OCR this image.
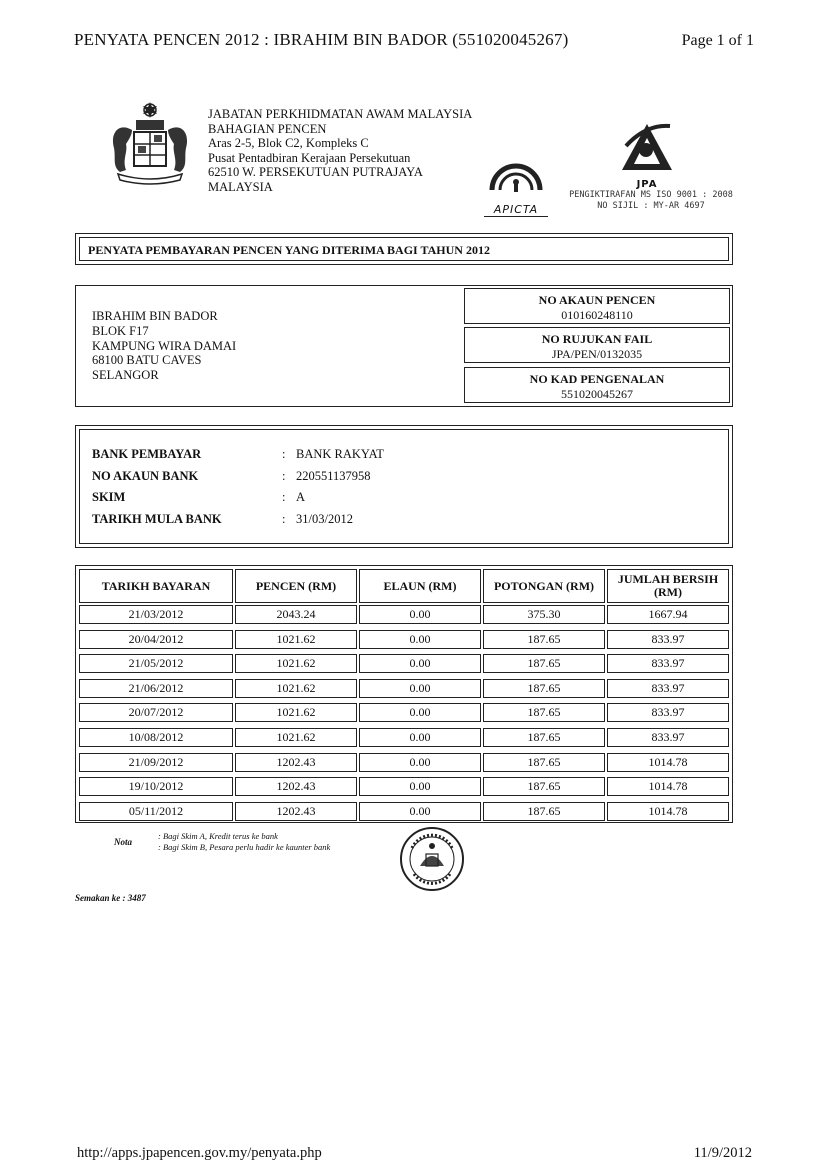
PENYATA PENCEN 2012 : IBRAHIM BIN BADOR (551020045267)	Page 1 of 1
JABATAN PERKHIDMATAN AWAM MALAYSIA
BAHAGIAN PENCEN
Aras 2-5, Blok C2, Kompleks C
Pusat Pentadbiran Kerajaan Persekutuan
62510 W. PERSEKUTUAN PUTRAJAYA
MALAYSIA
APICTA
JPA
PENGIKTIRAFAN MS ISO 9001 : 2008
NO SIJIL : MY-AR 4697
PENYATA PEMBAYARAN PENCEN YANG DITERIMA BAGI TAHUN 2012
IBRAHIM BIN BADOR
BLOK F17
KAMPUNG WIRA DAMAI
68100 BATU CAVES
SELANGOR
NO AKAUN PENCEN
010160248110
NO RUJUKAN FAIL
JPA/PEN/0132035
NO KAD PENGENALAN
551020045267
BANK PEMBAYAR	: BANK RAKYAT
NO AKAUN BANK	: 220551137958
SKIM	: A
TARIKH MULA BANK	: 31/03/2012
TARIKH BAYARAN	PENCEN (RM)	ELAUN (RM)	POTONGAN (RM)	JUMLAH BERSIH (RM)
21/03/2012	2043.24	0.00	375.30	1667.94
20/04/2012	1021.62	0.00	187.65	833.97
21/05/2012	1021.62	0.00	187.65	833.97
21/06/2012	1021.62	0.00	187.65	833.97
20/07/2012	1021.62	0.00	187.65	833.97
10/08/2012	1021.62	0.00	187.65	833.97
21/09/2012	1202.43	0.00	187.65	1014.78
19/10/2012	1202.43	0.00	187.65	1014.78
05/11/2012	1202.43	0.00	187.65	1014.78
Nota
: Bagi Skim A, Kredit terus ke bank
: Bagi Skim B, Pesara perlu hadir ke kaunter bank
Semakan ke : 3487
http://apps.jpapencen.gov.my/penyata.php	11/9/2012
